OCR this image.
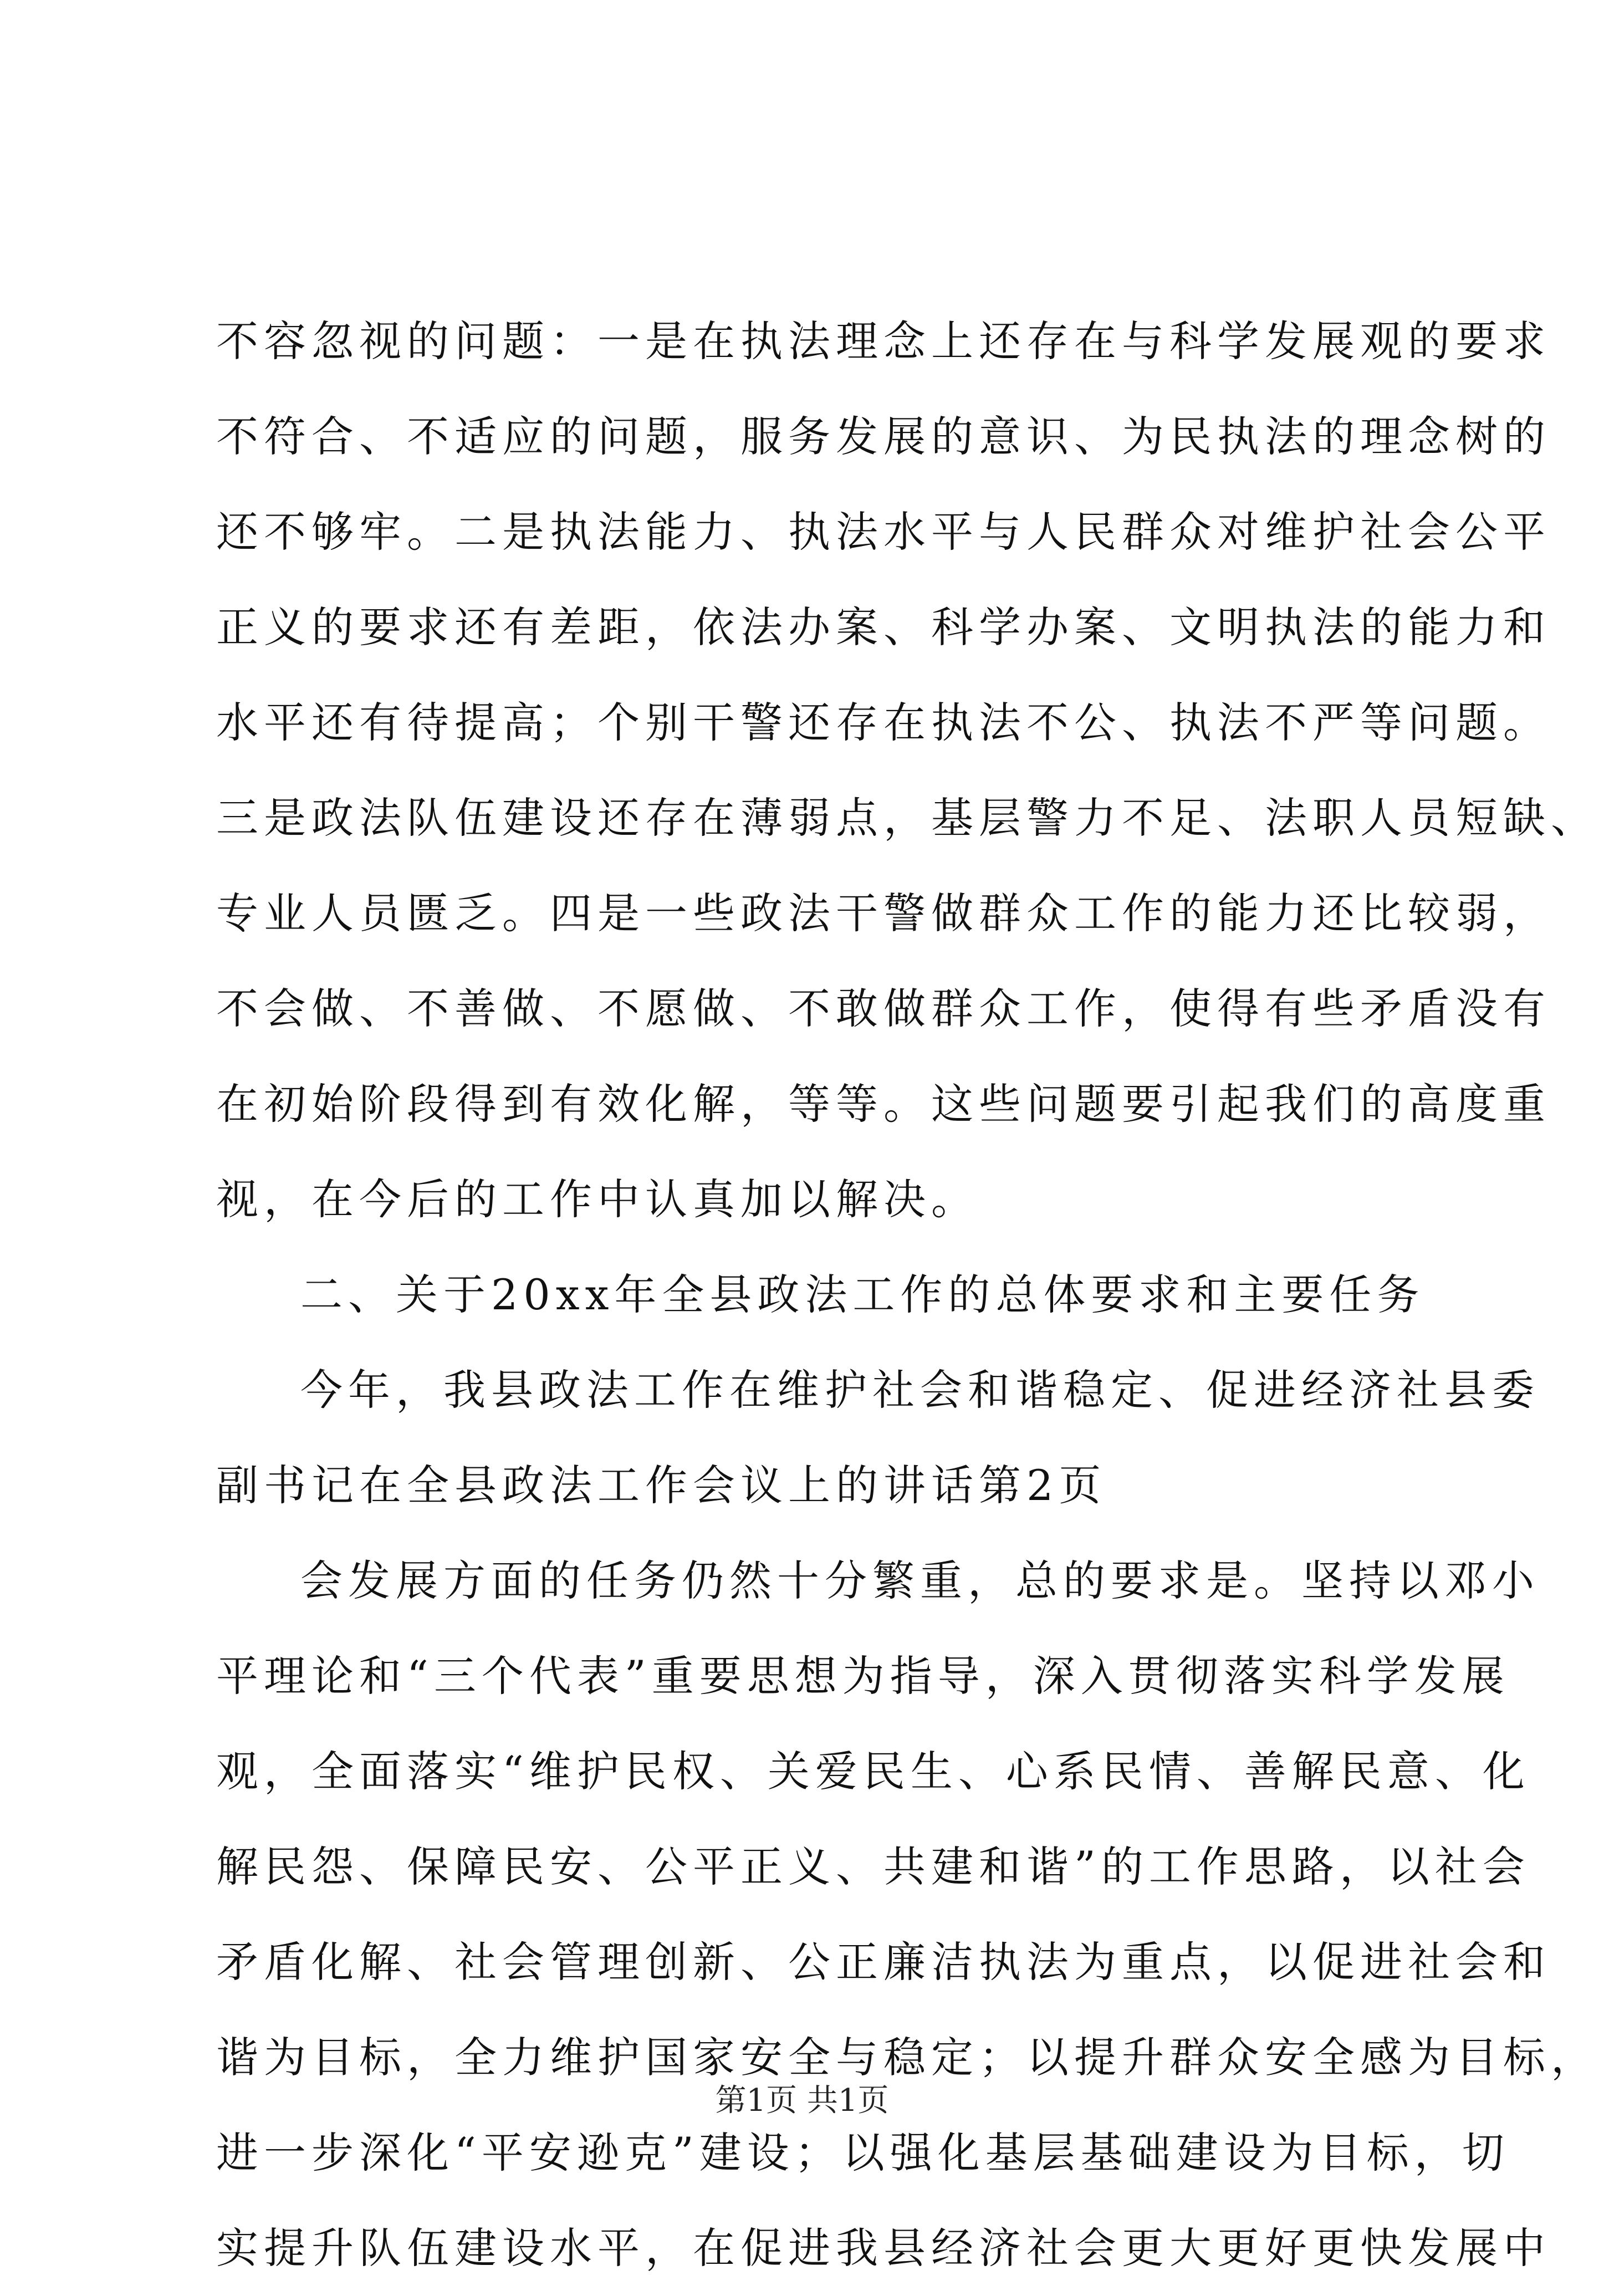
不容忽视的问题：一是在执法理念上还存在与科学发展观的要求
不符合、不适应的问题，服务发展的意识、为民执法的理念树的
还不够牢。二是执法能力、执法水平与人民群众对维护社会公平
正义的要求还有差距，依法办案、科学办案、文明执法的能力和
水平还有待提高；个别干警还存在执法不公、执法不严等问题。
三是政法队伍建设还存在薄弱点，基层警力不足、法职人员短缺、
专业人员匮乏。四是一些政法干警做群众工作的能力还比较弱，
不会做、不善做、不愿做、不敢做群众工作，使得有些矛盾没有
在初始阶段得到有效化解，等等。这些问题要引起我们的高度重
视，在今后的工作中认真加以解决。
二、关于20xx年全县政法工作的总体要求和主要任务
今年，我县政法工作在维护社会和谐稳定、促进经济社县委
副书记在全县政法工作会议上的讲话第2页
会发展方面的任务仍然十分繁重，总的要求是。坚持以邓小
平理论和“三个代表”重要思想为指导，深入贯彻落实科学发展
观，全面落实“维护民权、关爱民生、心系民情、善解民意、化
解民怨、保障民安、公平正义、共建和谐”的工作思路，以社会
矛盾化解、社会管理创新、公正廉洁执法为重点，以促进社会和
谐为目标，全力维护国家安全与稳定；以提升群众安全感为目标，
进一步深化“平安逊克”建设；以强化基层基础建设为目标，切
实提升队伍建设水平，在促进我县经济社会更大更好更快发展中
第1页 共1页
